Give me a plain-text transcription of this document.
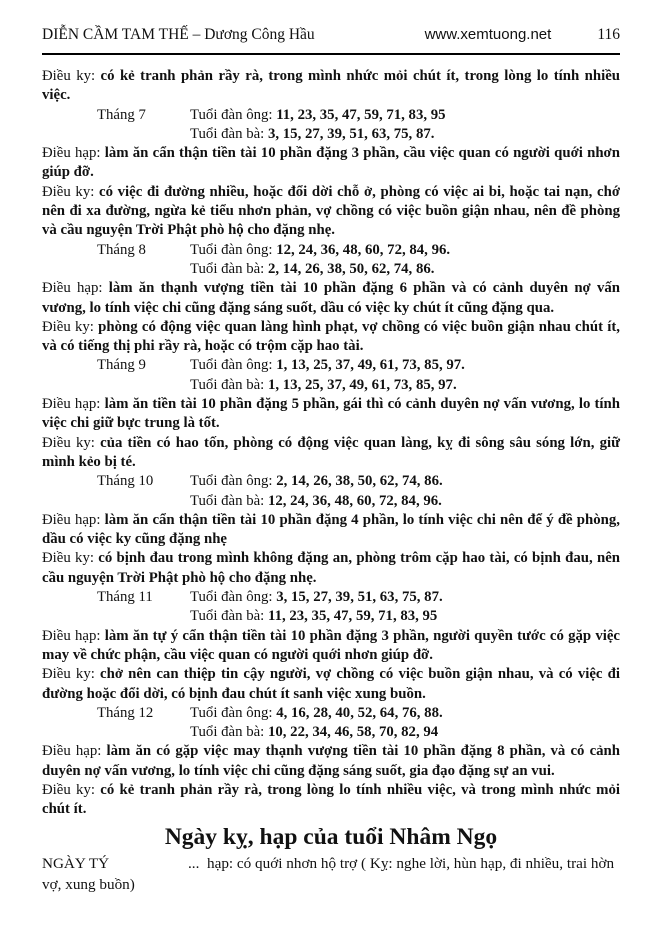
DIỄN CẦM TAM THẾ – Dương Công Hầu	www.xemtuong.net	116

Điều ky: có kẻ tranh phản rầy rà, trong mình nhức mỏi chút ít, trong lòng lo tính nhiều việc.

Tháng 7	Tuổi đàn ông: 11, 23, 35, 47, 59, 71, 83, 95
Tuổi đàn bà: 3, 15, 27, 39, 51, 63, 75, 87.

Điều hạp: làm ăn cẩn thận tiền tài 10 phần đặng 3 phần, cầu việc quan có người quới nhơn giúp đỡ.

Điều ky: có việc đi đường nhiều, hoặc đổi dời chỗ ở, phòng có việc ai bi, hoặc tai nạn, chớ nên đi xa đường, ngừa kẻ tiểu nhơn phản, vợ chồng có việc buồn giận nhau, nên đề phòng và cầu nguyện Trời Phật phò hộ cho đặng nhẹ.

Tháng 8	Tuổi đàn ông: 12, 24, 36, 48, 60, 72, 84, 96.
Tuổi đàn bà: 2, 14, 26, 38, 50, 62, 74, 86.

Điều hạp: làm ăn thạnh vượng tiền tài 10 phần đặng 6 phần và có cảnh duyên nợ vấn vương, lo tính việc chi cũng đặng sáng suốt, dầu có việc ky chút ít cũng đặng qua.

Điều ky: phòng có động việc quan làng hình phạt, vợ chồng có việc buồn giận nhau chút ít, và có tiếng thị phi rầy rà, hoặc có trộm cặp hao tài.

Tháng 9	Tuổi đàn ông: 1, 13, 25, 37, 49, 61, 73, 85, 97.
Tuổi đàn bà: 1, 13, 25, 37, 49, 61, 73, 85, 97.

Điều hạp: làm ăn tiền tài 10 phần đặng 5 phần, gái thì có cảnh duyên nợ vấn vương, lo tính việc chi giữ bực trung là tốt.

Điều ky: của tiền có hao tốn, phòng có động việc quan làng, kỵ đi sông sâu sóng lớn, giữ mình kẻo bị té.

Tháng 10	Tuổi đàn ông: 2, 14, 26, 38, 50, 62, 74, 86.
Tuổi đàn bà: 12, 24, 36, 48, 60, 72, 84, 96.

Điều hạp: làm ăn cẩn thận tiền tài 10 phần đặng 4 phần, lo tính việc chi nên để ý đề phòng, dầu có việc ky cũng đặng nhẹ

Điều ky: có bịnh đau trong mình không đặng an, phòng trôm cặp hao tài, có bịnh đau, nên cầu nguyện Trời Phật phò hộ cho đặng nhẹ.

Tháng 11	Tuổi đàn ông: 3, 15, 27, 39, 51, 63, 75, 87.
Tuổi đàn bà: 11, 23, 35, 47, 59, 71, 83, 95

Điều hạp: làm ăn tự ý cẩn thận tiền tài 10 phần đặng 3 phần, người quyền tước có gặp việc may về chức phận, cầu việc quan có người quới nhơn giúp đỡ.

Điều ky: chở nên can thiệp tin cậy người, vợ chồng có việc buồn giận nhau, và có việc đi đường hoặc đổi dời, có bịnh đau chút ít sanh việc xung buồn.

Tháng 12	Tuổi đàn ông: 4, 16, 28, 40, 52, 64, 76, 88.
Tuổi đàn bà: 10, 22, 34, 46, 58, 70, 82, 94

Điều hạp: làm ăn có gặp việc may thạnh vượng tiền tài 10 phần đặng 8 phần, và có cảnh duyên nợ vấn vương, lo tính việc chi cũng đặng sáng suốt, gia đạo đặng sự an vui.

Điều ky: có kẻ tranh phản rầy rà, trong lòng lo tính nhiều việc, và trong mình nhức mỏi chút ít.

Ngày kỵ, hạp của tuổi Nhâm Ngọ

NGÀY TÝ	... hạp: có quới nhơn hộ trợ ( Kỵ: nghe lời, hùn hạp, đi nhiều, trai hờn vợ, xung buồn)
